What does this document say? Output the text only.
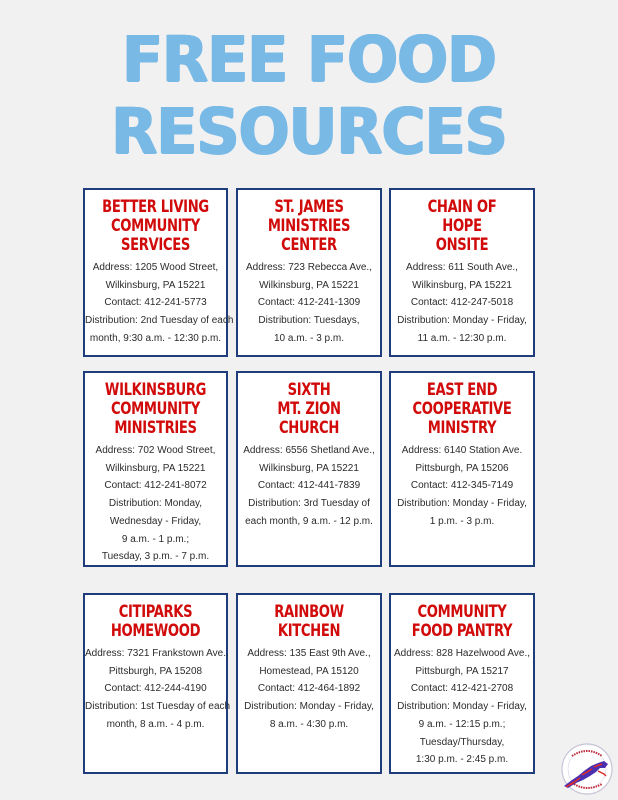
FREE FOOD
RESOURCES
BETTER LIVING
COMMUNITY
SERVICES
Address: 1205 Wood Street,
Wilkinsburg, PA 15221
Contact: 412-241-5773
Distribution: 2nd Tuesday of each
month, 9:30 a.m. - 12:30 p.m.
ST. JAMES
MINISTRIES
CENTER
Address: 723 Rebecca Ave.,
Wilkinsburg, PA 15221
Contact: 412-241-1309
Distribution: Tuesdays,
10 a.m. - 3 p.m.
CHAIN OF
HOPE
ONSITE
Address: 611 South Ave.,
Wilkinsburg, PA 15221
Contact: 412-247-5018
Distribution: Monday - Friday,
11 a.m. - 12:30 p.m.
WILKINSBURG
COMMUNITY
MINISTRIES
Address: 702 Wood Street,
Wilkinsburg, PA 15221
Contact: 412-241-8072
Distribution: Monday,
Wednesday - Friday,
9 a.m. - 1 p.m.;
Tuesday, 3 p.m. - 7 p.m.
SIXTH
MT. ZION
CHURCH
Address: 6556 Shetland Ave.,
Wilkinsburg, PA 15221
Contact: 412-441-7839
Distribution: 3rd Tuesday of
each month, 9 a.m. - 12 p.m.
EAST END
COOPERATIVE
MINISTRY
Address: 6140 Station Ave.
Pittsburgh, PA 15206
Contact: 412-345-7149
Distribution: Monday - Friday,
1 p.m. - 3 p.m.
CITIPARKS
HOMEWOOD
Address: 7321 Frankstown Ave.,
Pittsburgh, PA 15208
Contact: 412-244-4190
Distribution: 1st Tuesday of each
month, 8 a.m. - 4 p.m.
RAINBOW
KITCHEN
Address: 135 East 9th Ave.,
Homestead, PA 15120
Contact: 412-464-1892
Distribution: Monday - Friday,
8 a.m. - 4:30 p.m.
COMMUNITY
FOOD PANTRY
Address: 828 Hazelwood Ave.,
Pittsburgh, PA 15217
Contact: 412-421-2708
Distribution: Monday - Friday,
9 a.m. - 12:15 p.m.;
Tuesday/Thursday,
1:30 p.m. - 2:45 p.m.
